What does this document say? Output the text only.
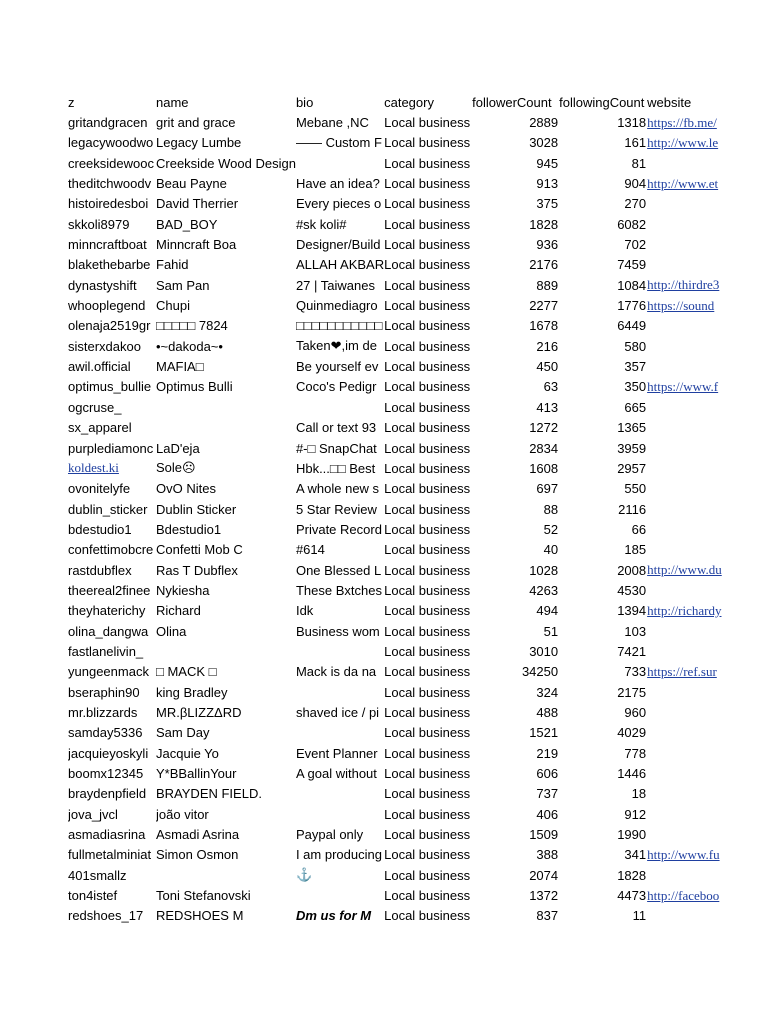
z	name	bio	category	followerCount	followingCount	website
gritandgracen	grit and grace	Mebane ,NC	Local business	2889	1318	https://fb.me/
legacywoodwo	Legacy Lumbe	—— Custom F	Local business	3028	161	http://www.le
creeksidewooc	Creekside Wood Design		Local business	945	81	
theditchwoodv	Beau Payne	Have an idea?	Local business	913	904	http://www.et
histoiredesboi	David Therrier	Every pieces o	Local business	375	270	
skkoli8979	BAD_BOY	#sk koli#	Local business	1828	6082	
minncraftboat	Minncraft Boa	Designer/Build	Local business	936	702	
blakethebarbe	Fahid	ALLAH AKBAR	Local business	2176	7459	
dynastyshift	Sam Pan	27 | Taiwanes	Local business	889	1084	http://thirdre3
whooplegend	Chupi	Quinmediagro	Local business	2277	1776	https://sound
olenaja2519gr	□□□□□ 7824	□□□□□□□□□□□	Local business	1678	6449	
sisterxdakoo	•~dakoda~•	Taken❤,im de	Local business	216	580	
awil.official	MAFIA□	Be yourself ev	Local business	450	357	
optimus_bullie	Optimus Bulli	Coco's Pedigr	Local business	63	350	https://www.f
ogcruse_			Local business	413	665	
sx_apparel		Call or text 93	Local business	1272	1365	
purplediamonc	LaD'eja	#-□ SnapChat	Local business	2834	3959	
koldest.ki	Sole☹	Hbk...□□ Best	Local business	1608	2957	
ovonitelyfe	OvO Nites	A whole new s	Local business	697	550	
dublin_sticker	Dublin Sticker	5 Star Review	Local business	88	2116	
bdestudio1	Bdestudio1	Private Record	Local business	52	66	
confettimobcre	Confetti Mob C	#614	Local business	40	185	
rastdubflex	Ras T Dubflex	One Blessed L	Local business	1028	2008	http://www.du
theereal2finee	Nykiesha	These Bxtches	Local business	4263	4530	
theyhaterichy	Richard	Idk	Local business	494	1394	http://richardy
olina_dangwa	Olina	Business wom	Local business	51	103	
fastlanelivin_			Local business	3010	7421	
yungeenmack	□ MACK □	Mack is da na	Local business	34250	733	https://ref.sur
bseraphin90	king Bradley		Local business	324	2175	
mr.blizzards	MR.βLIZZΔRD	shaved ice / pi	Local business	488	960	
samday5336	Sam Day		Local business	1521	4029	
jacquieyoskyli	Jacquie Yo	Event Planner	Local business	219	778	
boomx12345	Y*BBallinYour	A goal without	Local business	606	1446	
braydenpfield	BRAYDEN FIELD.		Local business	737	18	
jova_jvcl	joão vitor		Local business	406	912	
asmadiasrina	Asmadi Asrina	Paypal only	Local business	1509	1990	
fullmetalminiat	Simon Osmon	I am producing	Local business	388	341	http://www.fu
401smallz		⚓	Local business	2074	1828	
ton4istef	Toni Stefanovski		Local business	1372	4473	http://faceboo
redshoes_17	REDSHOES M	Dm us for M	Local business	837	11	
